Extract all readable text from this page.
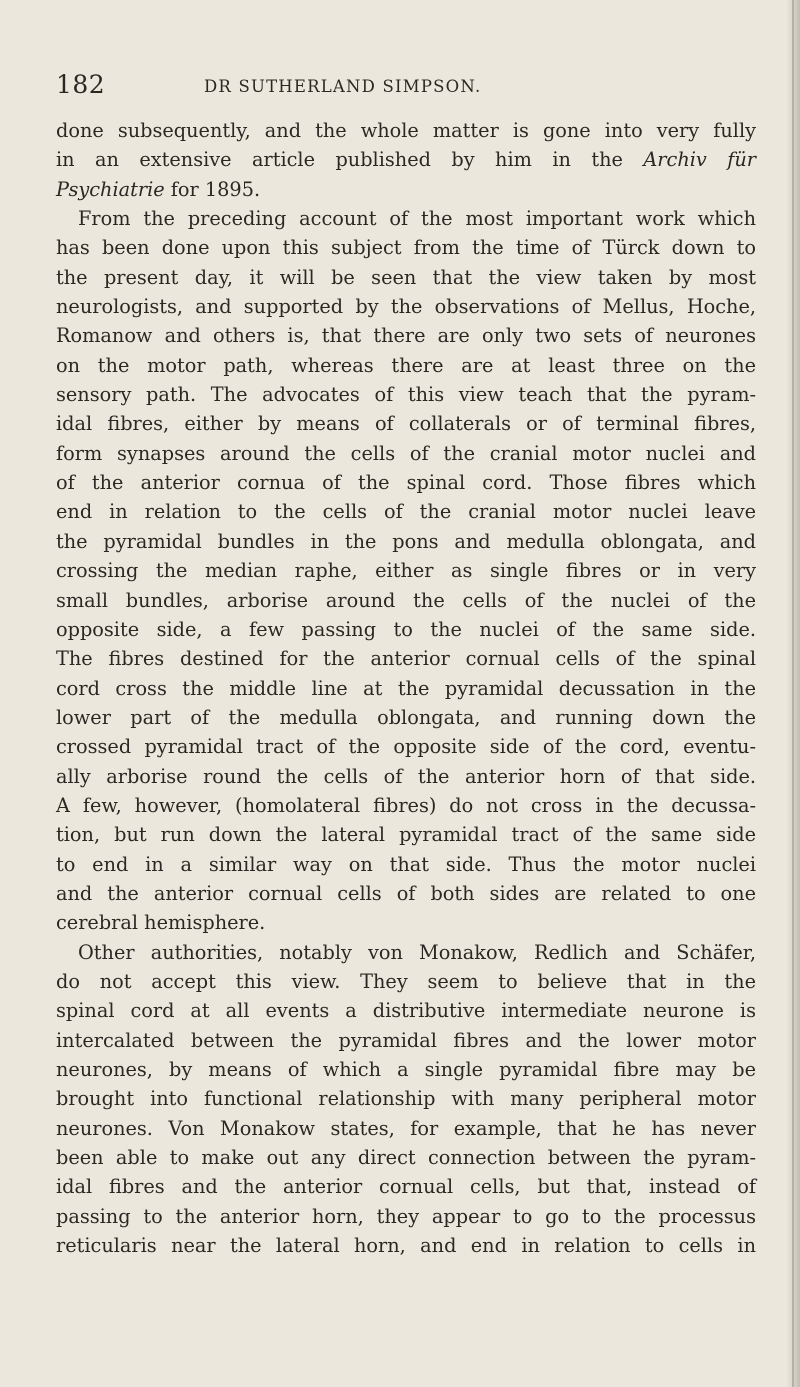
182	DR SUTHERLAND SIMPSON.
done subsequently, and the whole matter is gone into very fully
in an extensive article published by him in the Archiv für
Psychiatrie for 1895.
From the preceding account of the most important work which
has been done upon this subject from the time of Türck down to
the present day, it will be seen that the view taken by most
neurologists, and supported by the observations of Mellus, Hoche,
Romanow and others is, that there are only two sets of neurones
on the motor path, whereas there are at least three on the
sensory path. The advocates of this view teach that the pyram-
idal fibres, either by means of collaterals or of terminal fibres,
form synapses around the cells of the cranial motor nuclei and
of the anterior cornua of the spinal cord. Those fibres which
end in relation to the cells of the cranial motor nuclei leave
the pyramidal bundles in the pons and medulla oblongata, and
crossing the median raphe, either as single fibres or in very
small bundles, arborise around the cells of the nuclei of the
opposite side, a few passing to the nuclei of the same side.
The fibres destined for the anterior cornual cells of the spinal
cord cross the middle line at the pyramidal decussation in the
lower part of the medulla oblongata, and running down the
crossed pyramidal tract of the opposite side of the cord, eventu-
ally arborise round the cells of the anterior horn of that side.
A few, however, (homolateral fibres) do not cross in the decussa-
tion, but run down the lateral pyramidal tract of the same side
to end in a similar way on that side. Thus the motor nuclei
and the anterior cornual cells of both sides are related to one
cerebral hemisphere.
Other authorities, notably von Monakow, Redlich and Schäfer,
do not accept this view. They seem to believe that in the
spinal cord at all events a distributive intermediate neurone is
intercalated between the pyramidal fibres and the lower motor
neurones, by means of which a single pyramidal fibre may be
brought into functional relationship with many peripheral motor
neurones. Von Monakow states, for example, that he has never
been able to make out any direct connection between the pyram-
idal fibres and the anterior cornual cells, but that, instead of
passing to the anterior horn, they appear to go to the processus
reticularis near the lateral horn, and end in relation to cells in
